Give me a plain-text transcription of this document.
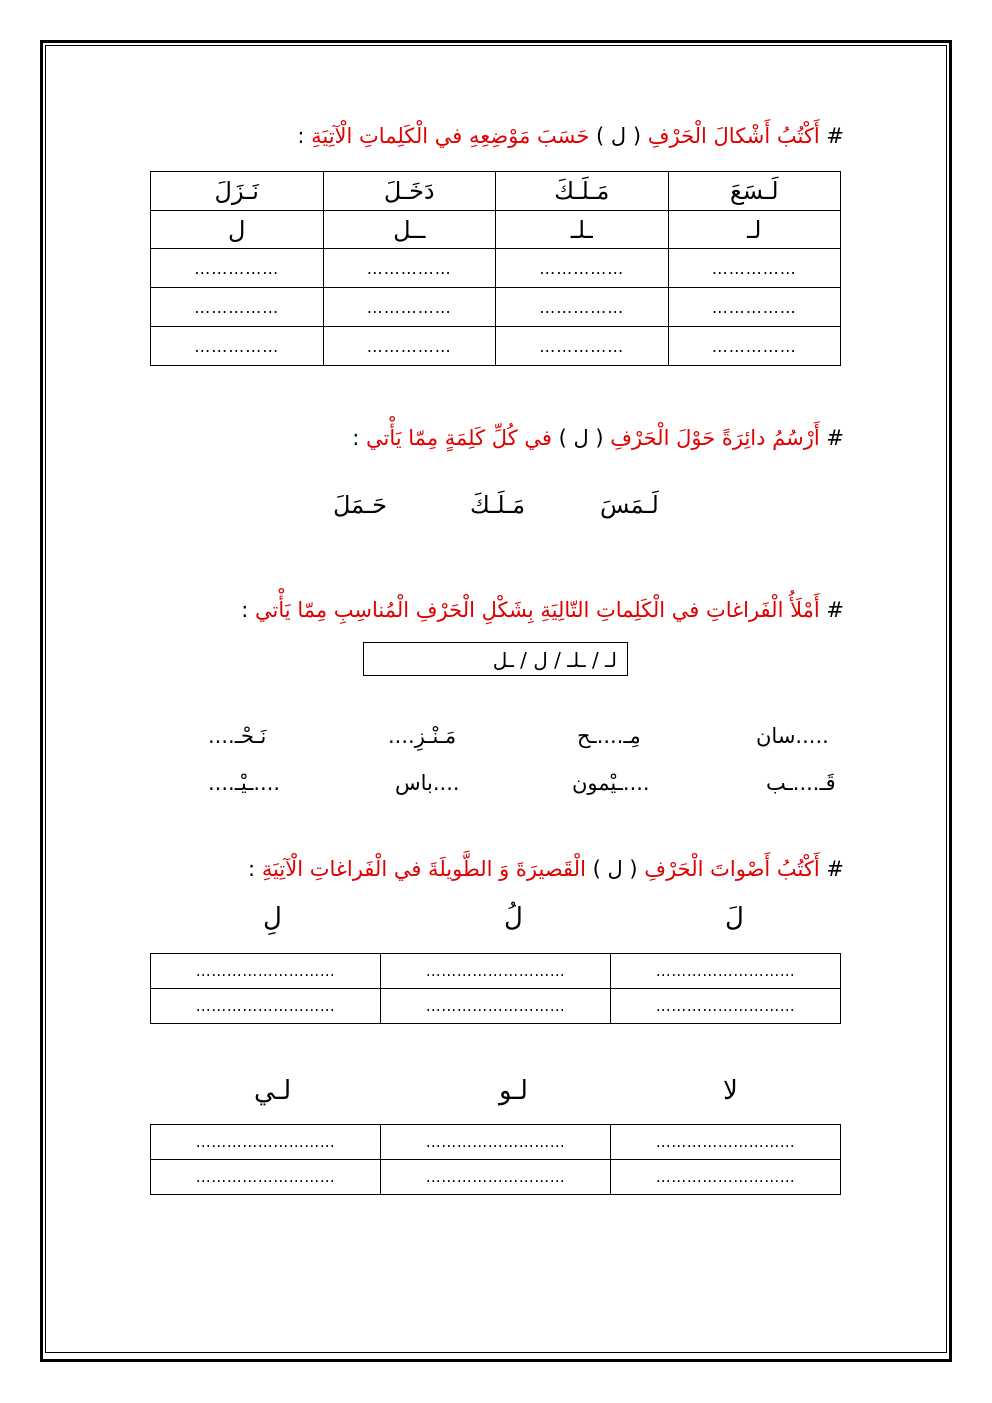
# أَكْتُبُ أَشْكالَ الْحَرْفِ ( ل ) حَسَبَ مَوْضِعِهِ في الْكَلِماتِ الْآتِيَةِ :
لَـسَعَ	مَـلَـكَ	دَخَـلَ	نَـزَلَ
لـ	ـلـ	ــل	ل
……………	……………	……………	……………
……………	……………	……………	……………
……………	……………	……………	……………
# أَرْسُمُ دائِرَةً حَوْلَ الْحَرْفِ ( ل ) في كُلِّ كَلِمَةٍ مِمّا يَأْتي :
لَـمَسَ
مَـلَـكَ
حَـمَلَ
# أَمْلَأُ الْفَراغاتِ في الْكَلِماتِ التّالِيَةِ بِشَكْلِ الْحَرْفِ الْمُناسِبِ مِمّا يَأْتي :
لـ / ـلـ / ل / ـل
.....سان
مِـ....ـح
مَـنْـزِ....
نَـحْـ....
قَـ....ـب
....ـيْمون
....باس
....ـيْـ....
# أَكْتُبُ أَصْواتَ الْحَرْفِ ( ل ) الْقَصيرَةَ وَ الطَّويلَةَ في الْفَراغاتِ الْآتِيَةِ :
لَ
لُ
لِ
………………………	………………………	………………………
………………………	………………………	………………………
لا
لـو
لـي
………………………	………………………	………………………
………………………	………………………	………………………
